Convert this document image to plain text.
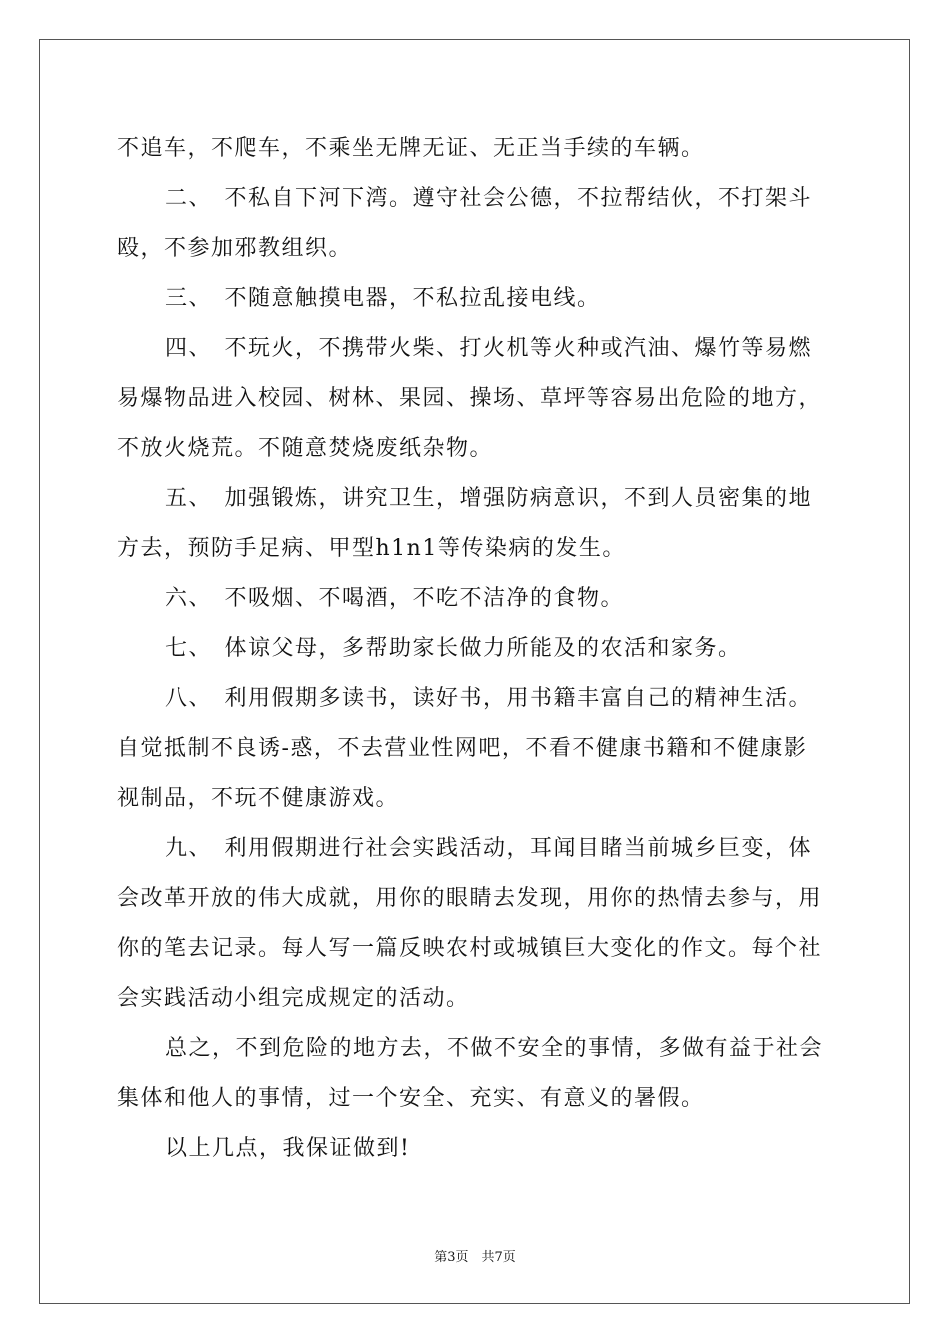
不追车，不爬车，不乘坐无牌无证、无正当手续的车辆。
二、　不私自下河下湾。遵守社会公德，不拉帮结伙，不打架斗
殴，不参加邪教组织。
三、　不随意触摸电器，不私拉乱接电线。
四、　不玩火，不携带火柴、打火机等火种或汽油、爆竹等易燃
易爆物品进入校园、树林、果园、操场、草坪等容易出危险的地方，
不放火烧荒。不随意焚烧废纸杂物。
五、　加强锻炼，讲究卫生，增强防病意识，不到人员密集的地
方去，预防手足病、甲型h1n1等传染病的发生。
六、　不吸烟、不喝酒，不吃不洁净的食物。
七、　体谅父母，多帮助家长做力所能及的农活和家务。
八、　利用假期多读书，读好书，用书籍丰富自己的精神生活。
自觉抵制不良诱-惑，不去营业性网吧，不看不健康书籍和不健康影
视制品，不玩不健康游戏。
九、　利用假期进行社会实践活动，耳闻目睹当前城乡巨变，体
会改革开放的伟大成就，用你的眼睛去发现，用你的热情去参与，用
你的笔去记录。每人写一篇反映农村或城镇巨大变化的作文。每个社
会实践活动小组完成规定的活动。
总之，不到危险的地方去，不做不安全的事情，多做有益于社会
集体和他人的事情，过一个安全、充实、有意义的暑假。
以上几点，我保证做到!
第3页　共7页
